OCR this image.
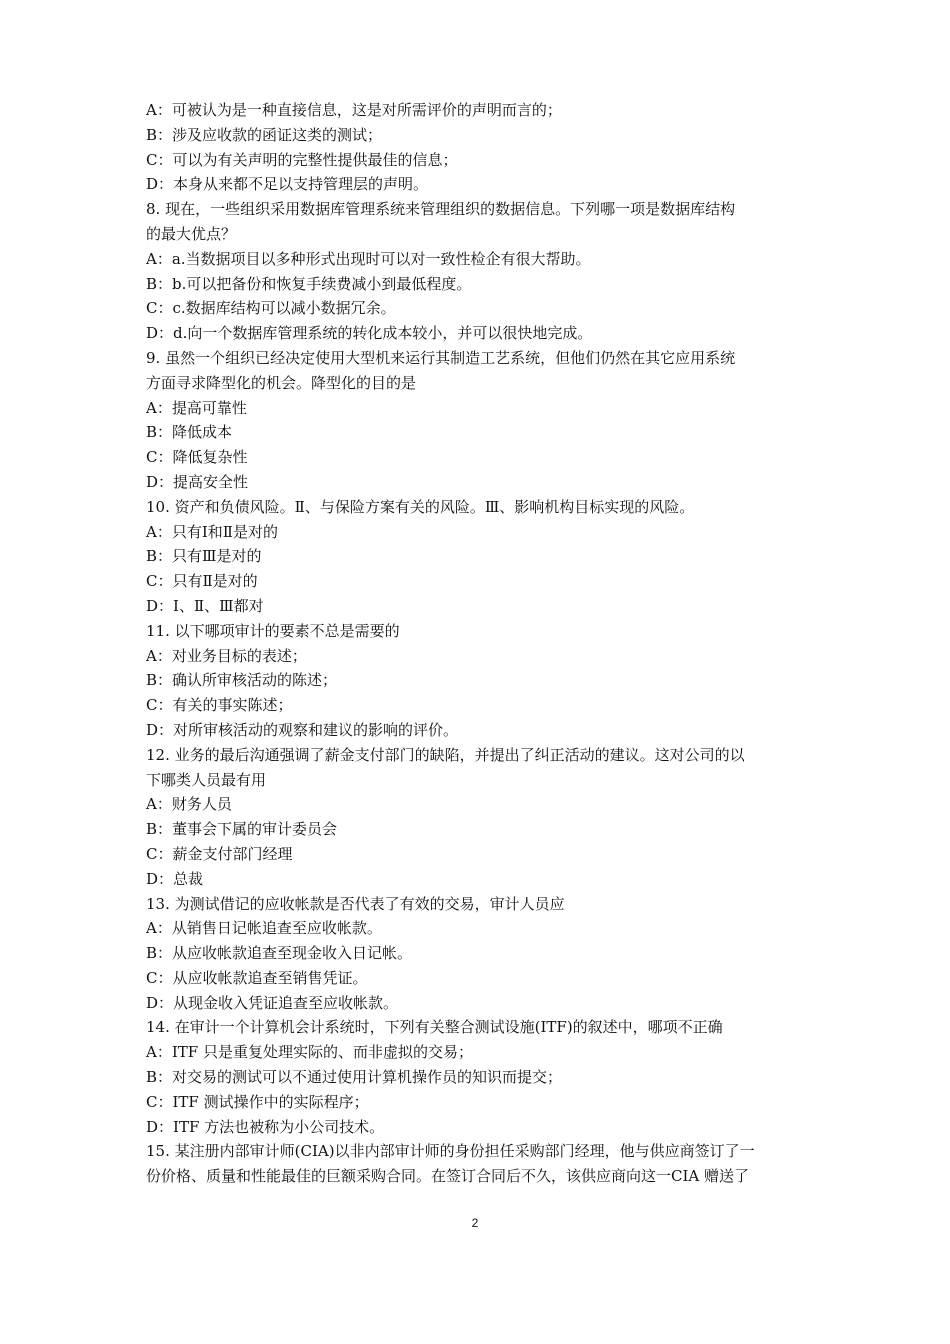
A：可被认为是一种直接信息，这是对所需评价的声明而言的；

B：涉及应收款的函证这类的测试；

C：可以为有关声明的完整性提供最佳的信息；

D：本身从来都不足以支持管理层的声明。

8. 现在，一些组织采用数据库管理系统来管理组织的数据信息。下列哪一项是数据库结构

的最大优点？

A：a.当数据项目以多种形式出现时可以对一致性检企有很大帮助。

B：b.可以把备份和恢复手续费减小到最低程度。

C：c.数据库结构可以减小数据冗余。

D：d.向一个数据库管理系统的转化成本较小，并可以很快地完成。

9. 虽然一个组织已经决定使用大型机来运行其制造工艺系统，但他们仍然在其它应用系统

方面寻求降型化的机会。降型化的目的是

A：提高可靠性

B：降低成本

C：降低复杂性

D：提高安全性

10. 资产和负债风险。Ⅱ、与保险方案有关的风险。Ⅲ、影响机构目标实现的风险。

A：只有Ⅰ和Ⅱ是对的

B：只有Ⅲ是对的

C：只有Ⅱ是对的

D：Ⅰ、Ⅱ、Ⅲ都对

11. 以下哪项审计的要素不总是需要的

A：对业务目标的表述；

B：确认所审核活动的陈述；

C：有关的事实陈述；

D：对所审核活动的观察和建议的影响的评价。

12. 业务的最后沟通强调了薪金支付部门的缺陷，并提出了纠正活动的建议。这对公司的以

下哪类人员最有用

A：财务人员

B：董事会下属的审计委员会

C：薪金支付部门经理

D：总裁

13. 为测试借记的应收帐款是否代表了有效的交易，审计人员应

A：从销售日记帐追查至应收帐款。

B：从应收帐款追查至现金收入日记帐。

C：从应收帐款追查至销售凭证。

D：从现金收入凭证追查至应收帐款。

14. 在审计一个计算机会计系统时，下列有关整合测试设施(ITF)的叙述中，哪项不正确

A：ITF 只是重复处理实际的、而非虚拟的交易；

B：对交易的测试可以不通过使用计算机操作员的知识而提交；

C：ITF 测试操作中的实际程序；

D：ITF 方法也被称为小公司技术。

15. 某注册内部审计师(CIA)以非内部审计师的身份担任采购部门经理，他与供应商签订了一

份价格、质量和性能最佳的巨额采购合同。在签订合同后不久，该供应商向这一CIA 赠送了

2
